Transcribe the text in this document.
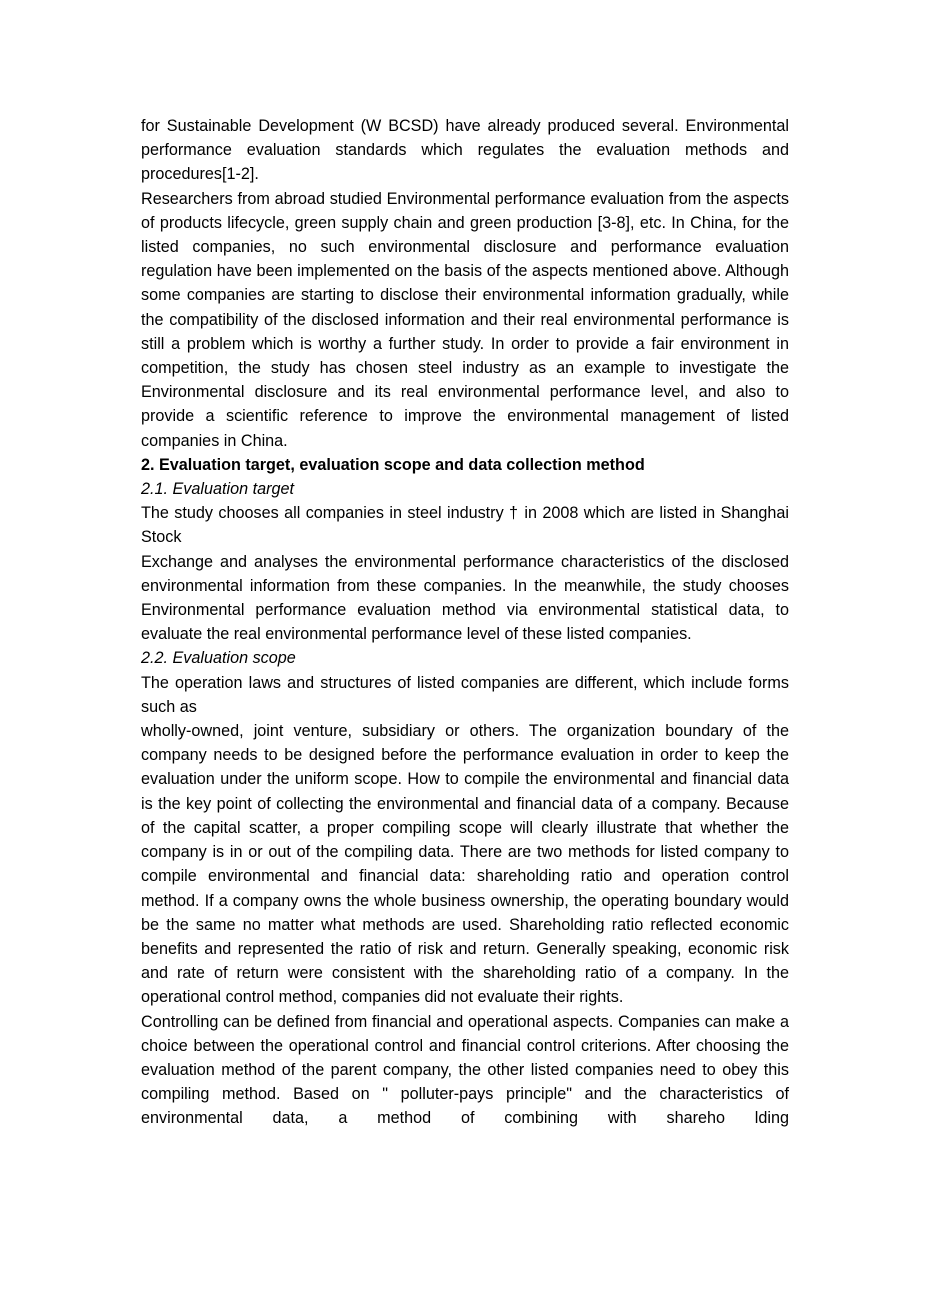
for Sustainable Development (W BCSD) have already produced several. Environmental performance evaluation standards which regulates the evaluation methods and procedures[1-2].

Researchers from abroad studied Environmental performance evaluation from the aspects of products lifecycle, green supply chain and green production [3-8], etc. In China, for the listed companies, no such environmental disclosure and performance evaluation regulation have been implemented on the basis of the aspects mentioned above. Although some companies are starting to disclose their environmental information gradually, while the compatibility of the disclosed information and their real environmental performance is still a problem which is worthy a further study. In order to provide a fair environment in competition, the study has chosen steel industry as an example to investigate the Environmental disclosure and its real environmental performance level, and also to provide a scientific reference to improve the environmental management of listed companies in China.

2. Evaluation target, evaluation scope and data collection method

2.1. Evaluation target

The study chooses all companies in steel industry † in 2008 which are listed in Shanghai Stock

Exchange and analyses the environmental performance characteristics of the disclosed environmental information from these companies. In the meanwhile, the study chooses Environmental performance evaluation method via environmental statistical data, to evaluate the real environmental performance level of these listed companies.

2.2. Evaluation scope

The operation laws and structures of listed companies are different, which include forms such as

wholly-owned, joint venture, subsidiary or others. The organization boundary of the company needs to be designed before the performance evaluation in order to keep the evaluation under the uniform scope. How to compile the environmental and financial data is the key point of collecting the environmental and financial data of a company. Because of the capital scatter, a proper compiling scope will clearly illustrate that whether the company is in or out of the compiling data. There are two methods for listed company to compile environmental and financial data: shareholding ratio and operation control method. If a company owns the whole business ownership, the operating boundary would be the same no matter what methods are used. Shareholding ratio reflected economic benefits and represented the ratio of risk and return. Generally speaking, economic risk and rate of return were consistent with the shareholding ratio of a company. In the operational control method, companies did not evaluate their rights.

Controlling can be defined from financial and operational aspects. Companies can make a choice between the operational control and financial control criterions. After choosing the evaluation method of the parent company, the other listed companies need to obey this compiling method. Based on " polluter-pays principle" and the characteristics of environmental data, a method of combining with shareho lding
